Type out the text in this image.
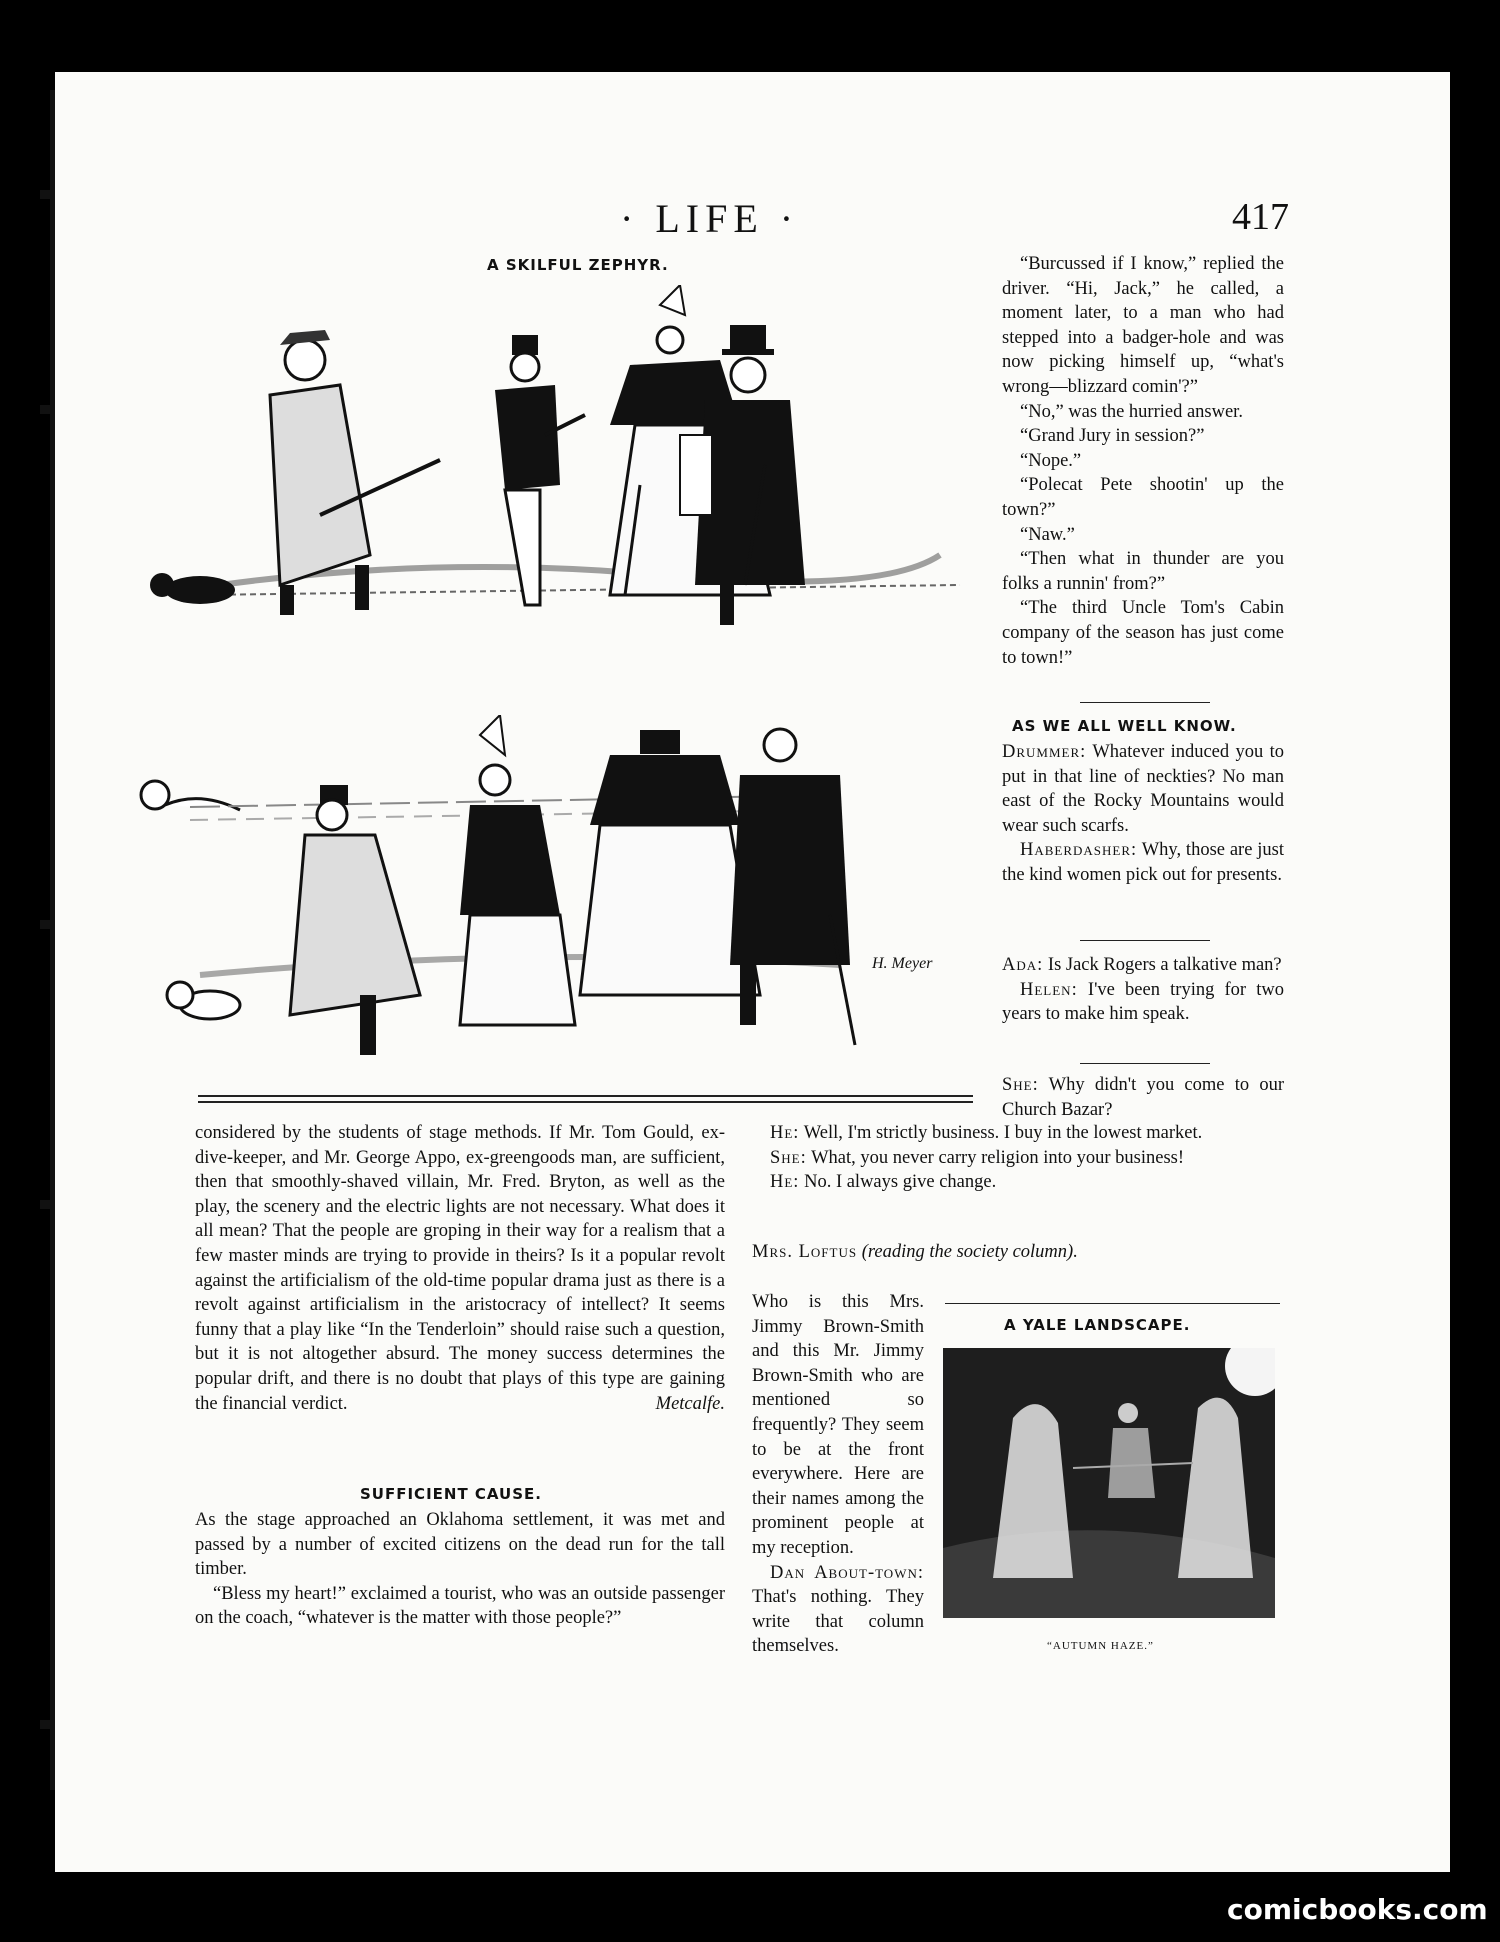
· LIFE ·	417
A SKILFUL ZEPHYR.
H. Meyer

“Burcussed if I know,” replied the driver. “Hi, Jack,” he called, a moment later, to a man who had stepped into a badger-hole and was now picking himself up, “what's wrong—blizzard comin'?”

“No,” was the hurried answer.

“Grand Jury in session?”

“Nope.”

“Polecat Pete shootin' up the town?”

“Naw.”

“Then what in thunder are you folks a runnin' from?”

“The third Uncle Tom's Cabin company of the season has just come to town!”

AS WE ALL WELL KNOW.

Drummer: Whatever induced you to put in that line of neckties? No man east of the Rocky Mountains would wear such scarfs.

Haberdasher: Why, those are just the kind women pick out for presents.

Ada: Is Jack Rogers a talkative man?

Helen: I've been trying for two years to make him speak.

She: Why didn't you come to our Church Bazar?

He: Well, I'm strictly business. I buy in the lowest market.

She: What, you never carry religion into your business!

He: No. I always give change.

considered by the students of stage methods. If Mr. Tom Gould, ex-dive-keeper, and Mr. George Appo, ex-greengoods man, are sufficient, then that smoothly-shaved villain, Mr. Fred. Bryton, as well as the play, the scenery and the electric lights are not necessary. What does it all mean? That the people are groping in their way for a realism that a few master minds are trying to provide in theirs? Is it a popular revolt against the artificialism of the old-time popular drama just as there is a revolt against artificialism in the aristocracy of intellect? It seems funny that a play like “In the Tenderloin” should raise such a question, but it is not altogether absurd. The money success determines the popular drift, and there is no doubt that plays of this type are gaining the financial verdict.	Metcalfe.

SUFFICIENT CAUSE.

As the stage approached an Oklahoma settlement, it was met and passed by a number of excited citizens on the dead run for the tall timber.

“Bless my heart!” exclaimed a tourist, who was an outside passenger on the coach, “whatever is the matter with those people?”

Mrs. Loftus (reading the society column).

Who is this Mrs. Jimmy Brown-Smith and this Mr. Jimmy Brown-Smith who are mentioned so frequently? They seem to be at the front everywhere. Here are their names among the prominent people at my reception.

Dan About-town: That's nothing. They write that column themselves.

A YALE LANDSCAPE.
“AUTUMN HAZE.”
comicbooks.com
